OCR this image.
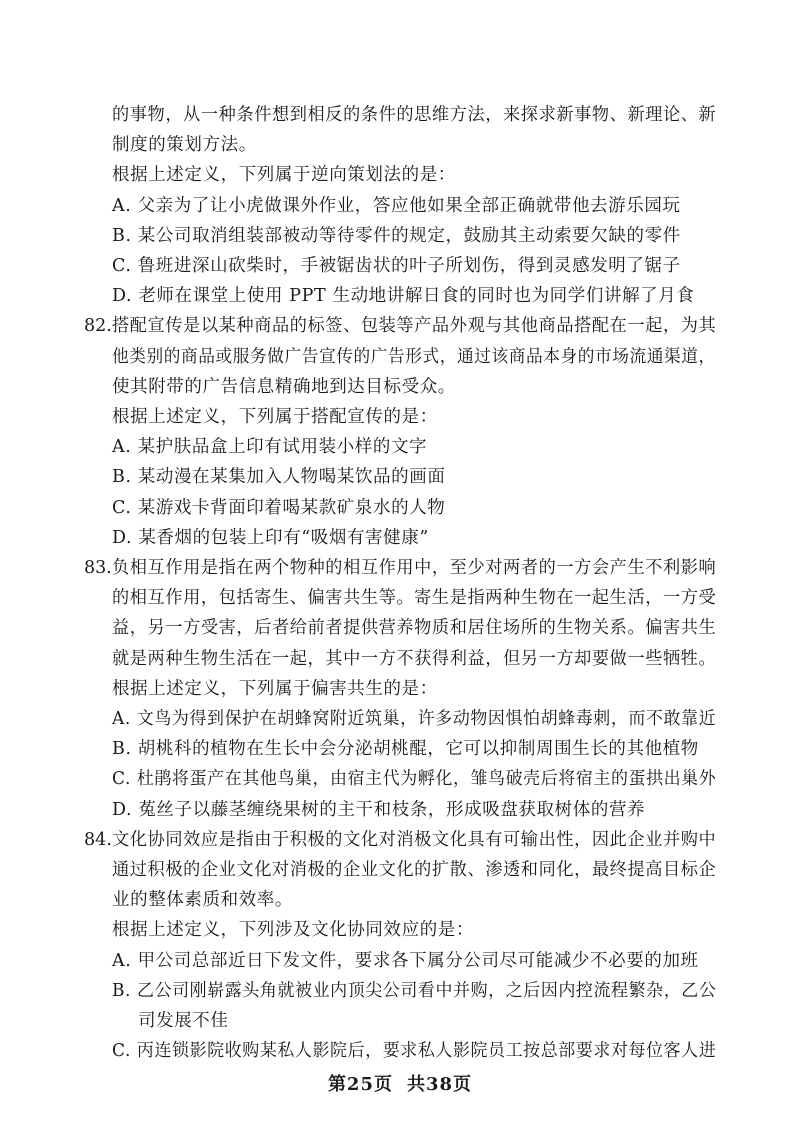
的事物，从一种条件想到相反的条件的思维方法，来探求新事物、新理论、新
制度的策划方法。
根据上述定义，下列属于逆向策划法的是：
A. 父亲为了让小虎做课外作业，答应他如果全部正确就带他去游乐园玩
B. 某公司取消组装部被动等待零件的规定，鼓励其主动索要欠缺的零件
C. 鲁班进深山砍柴时，手被锯齿状的叶子所划伤，得到灵感发明了锯子
D. 老师在课堂上使用 PPT 生动地讲解日食的同时也为同学们讲解了月食
82. 搭配宣传是以某种商品的标签、包装等产品外观与其他商品搭配在一起，为其
他类别的商品或服务做广告宣传的广告形式，通过该商品本身的市场流通渠道，
使其附带的广告信息精确地到达目标受众。
根据上述定义，下列属于搭配宣传的是：
A. 某护肤品盒上印有试用装小样的文字
B. 某动漫在某集加入人物喝某饮品的画面
C. 某游戏卡背面印着喝某款矿泉水的人物
D. 某香烟的包装上印有“吸烟有害健康”
83. 负相互作用是指在两个物种的相互作用中，至少对两者的一方会产生不利影响
的相互作用，包括寄生、偏害共生等。寄生是指两种生物在一起生活，一方受
益，另一方受害，后者给前者提供营养物质和居住场所的生物关系。偏害共生
就是两种生物生活在一起，其中一方不获得利益，但另一方却要做一些牺牲。
根据上述定义，下列属于偏害共生的是：
A. 文鸟为得到保护在胡蜂窝附近筑巢，许多动物因惧怕胡蜂毒刺，而不敢靠近
B. 胡桃科的植物在生长中会分泌胡桃醌，它可以抑制周围生长的其他植物
C. 杜鹃将蛋产在其他鸟巢，由宿主代为孵化，雏鸟破壳后将宿主的蛋拱出巢外
D. 菟丝子以藤茎缠绕果树的主干和枝条，形成吸盘获取树体的营养
84. 文化协同效应是指由于积极的文化对消极文化具有可输出性，因此企业并购中
通过积极的企业文化对消极的企业文化的扩散、渗透和同化，最终提高目标企
业的整体素质和效率。
根据上述定义，下列涉及文化协同效应的是：
A. 甲公司总部近日下发文件，要求各下属分公司尽可能减少不必要的加班
B. 乙公司刚崭露头角就被业内顶尖公司看中并购，之后因内控流程繁杂，乙公
司发展不佳
C. 丙连锁影院收购某私人影院后，要求私人影院员工按总部要求对每位客人进
第25页 共38页
